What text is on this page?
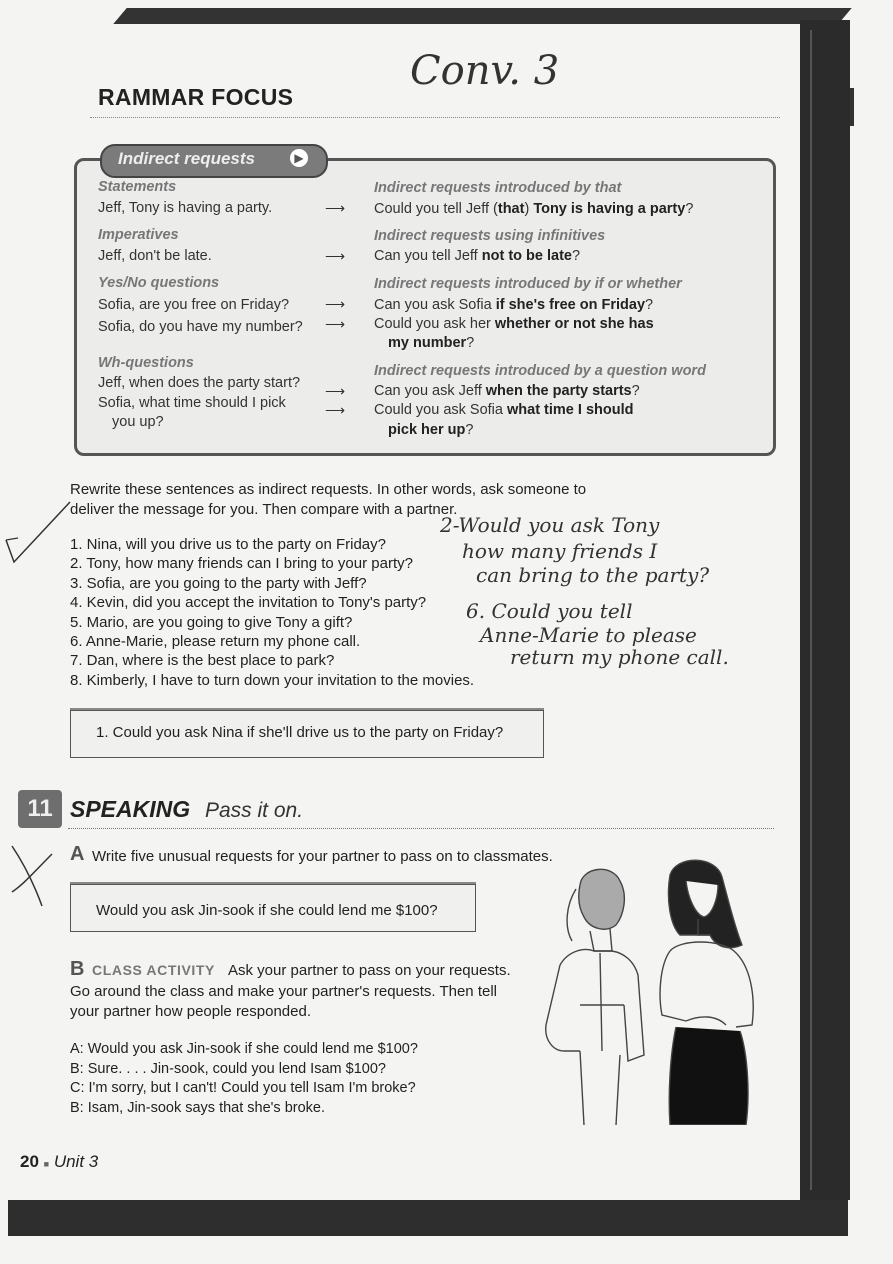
RAMMAR FOCUS
Conv. 3
Indirect requests	▶
Statements	Indirect requests introduced by that
Jeff, Tony is having a party.	⟶ Could you tell Jeff (that) Tony is having a party?
Imperatives	Indirect requests using infinitives
Jeff, don't be late.	⟶ Can you tell Jeff not to be late?
Yes/No questions	Indirect requests introduced by if or whether
Sofia, are you free on Friday?	⟶ Can you ask Sofia if she's free on Friday?
Sofia, do you have my number? ⟶ Could you ask her whether or not she has
my number?
Wh-questions	Indirect requests introduced by a question word
Jeff, when does the party start? ⟶ Can you ask Jeff when the party starts?
Sofia, what time should I pick
you up?
⟶ Could you ask Sofia what time I should
pick her up?
Rewrite these sentences as indirect requests. In other words, ask someone to deliver the message for you. Then compare with a partner.
1. Nina, will you drive us to the party on Friday?
2. Tony, how many friends can I bring to your party?
3. Sofia, are you going to the party with Jeff?
4. Kevin, did you accept the invitation to Tony's party?
5. Mario, are you going to give Tony a gift?
6. Anne-Marie, please return my phone call.
7. Dan, where is the best place to park?
8. Kimberly, I have to turn down your invitation to the movies.
2-Would you ask Tony
how many friends I
can bring to the party?
6. Could you tell
Anne-Marie to please
return my phone call.
1. Could you ask Nina if she'll drive us to the party on Friday?
11 SPEAKING Pass it on.
A Write five unusual requests for your partner to pass on to classmates.
Would you ask Jin-sook if she could lend me $100?
B CLASS ACTIVITY Ask your partner to pass on your requests.
Go around the class and make your partner's requests. Then tell your partner how people responded.
A: Would you ask Jin-sook if she could lend me $100?
B: Sure. . . . Jin-sook, could you lend Isam $100?
C: I'm sorry, but I can't! Could you tell Isam I'm broke?
B: Isam, Jin-sook says that she's broke.
20 ■ Unit 3
